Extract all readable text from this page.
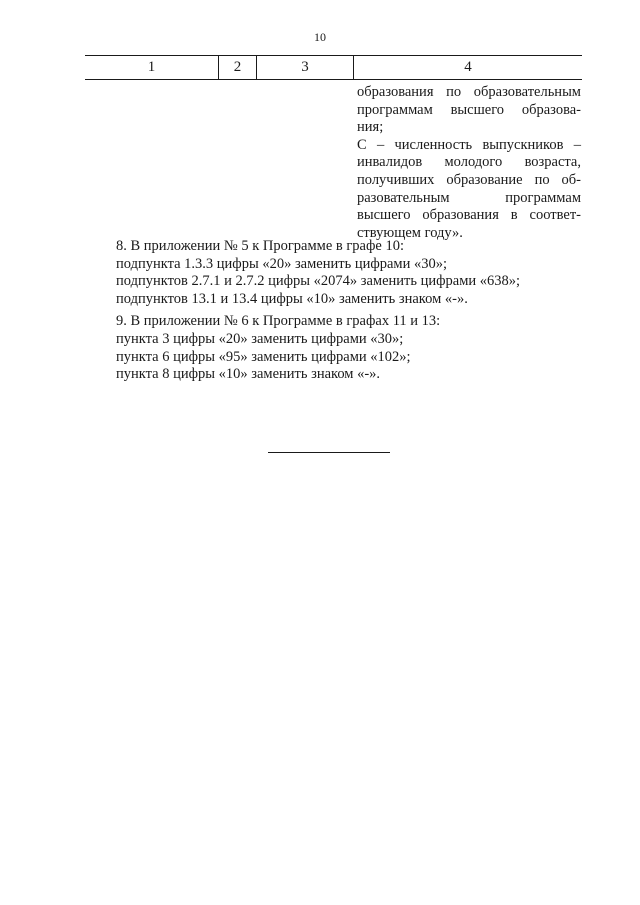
10
1	2	3	4
образования по образовательным
программам высшего образова-
ния;
С – численность выпускников –
инвалидов молодого возраста,
получивших образование по об-
разовательным	программам
высшего образования в соответ-
ствующем году».
8. В приложении № 5 к Программе в графе 10:
подпункта 1.3.3 цифры «20» заменить цифрами «30»;
подпунктов 2.7.1 и 2.7.2 цифры «2074» заменить цифрами «638»;
подпунктов 13.1 и 13.4 цифры «10» заменить знаком «-».
9. В приложении № 6 к Программе в графах 11 и 13:
пункта 3 цифры «20» заменить цифрами «30»;
пункта 6 цифры «95» заменить цифрами «102»;
пункта 8 цифры «10» заменить знаком «-».
